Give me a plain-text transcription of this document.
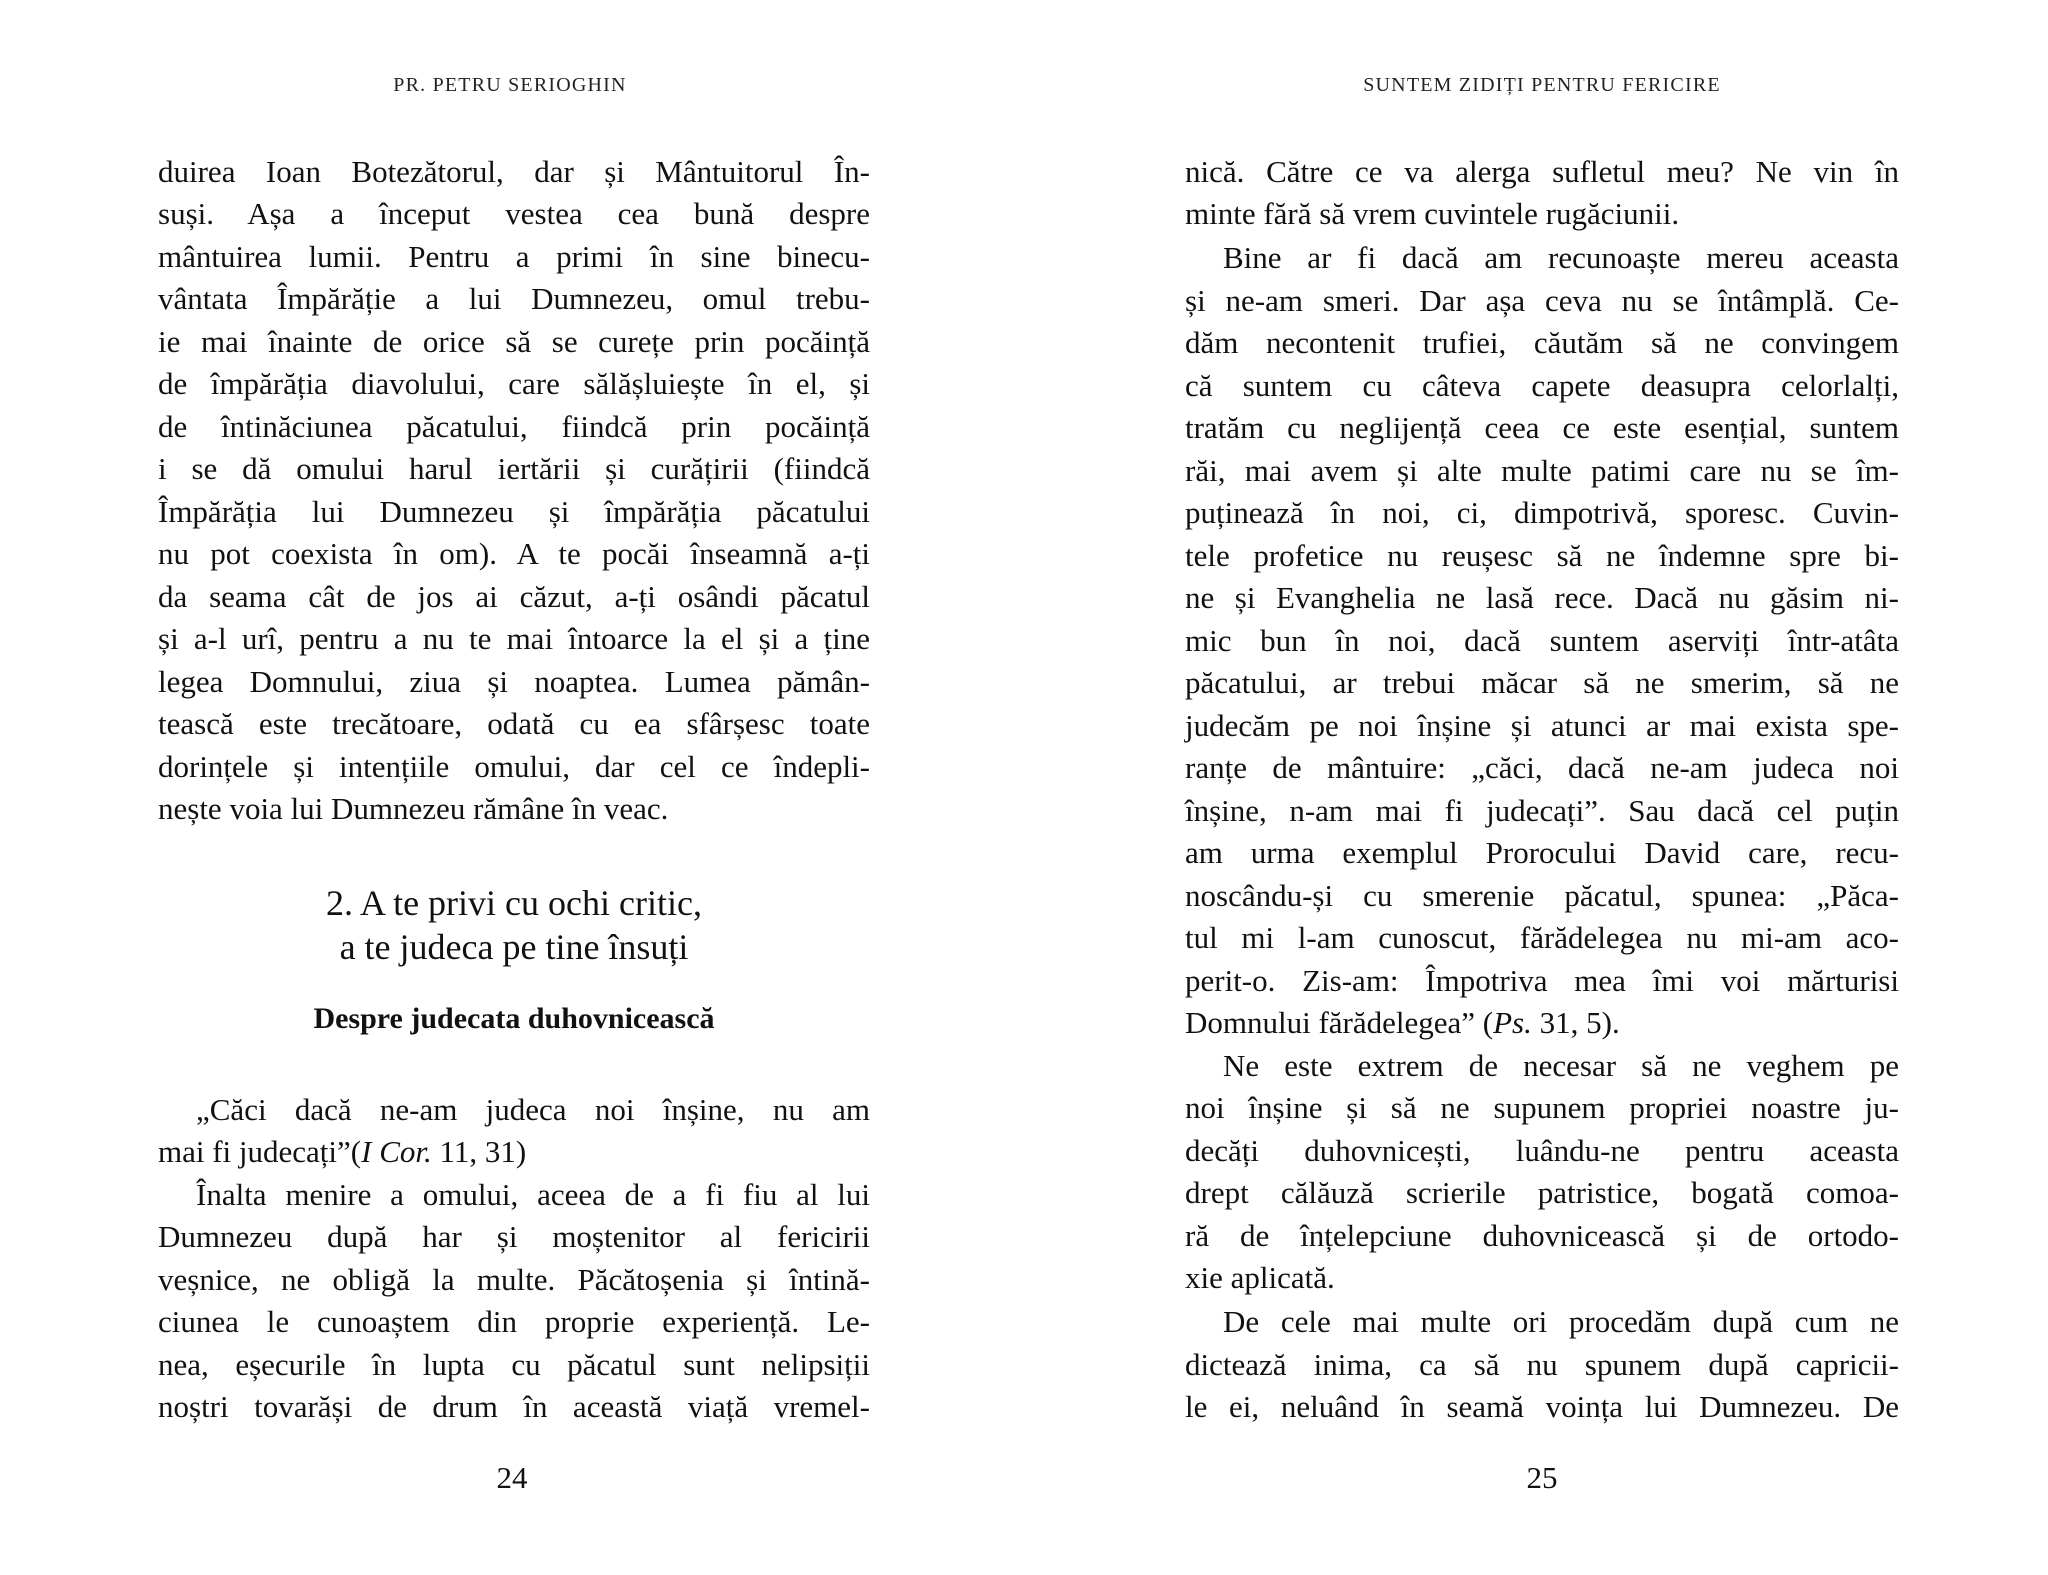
PR. PETRU SERIOGHIN
duirea Ioan Botezătorul, dar și Mântuitorul În-
suși. Așa a început vestea cea bună despre
mântuirea lumii. Pentru a primi în sine binecu-
vântata Împărăție a lui Dumnezeu, omul trebu-
ie mai înainte de orice să se curețe prin pocăință
de împărăția diavolului, care sălășluiește în el, și
de întinăciunea păcatului, fiindcă prin pocăință
i se dă omului harul iertării și curățirii (fiindcă
Împărăția lui Dumnezeu și împărăția păcatului
nu pot coexista în om). A te pocăi înseamnă a-ți
da seama cât de jos ai căzut, a-ți osândi păcatul
și a-l urî, pentru a nu te mai întoarce la el și a ține
legea Domnului, ziua și noaptea. Lumea pămân-
tească este trecătoare, odată cu ea sfârșesc toate
dorințele și intențiile omului, dar cel ce îndepli-
nește voia lui Dumnezeu rămâne în veac.
2. A te privi cu ochi critic,
a te judeca pe tine însuți
Despre judecata duhovnicească
„Căci dacă ne-am judeca noi înșine, nu am
mai fi judecați”(I Cor. 11, 31)
Înalta menire a omului, aceea de a fi fiu al lui
Dumnezeu după har și moștenitor al fericirii
veșnice, ne obligă la multe. Păcătoșenia și întină-
ciunea le cunoaștem din proprie experiență. Le-
nea, eșecurile în lupta cu păcatul sunt nelipsiții
noștri tovarăși de drum în această viață vremel-
24
SUNTEM ZIDIȚI PENTRU FERICIRE
nică. Către ce va alerga sufletul meu? Ne vin în
minte fără să vrem cuvintele rugăciunii.
Bine ar fi dacă am recunoaște mereu aceasta
și ne-am smeri. Dar așa ceva nu se întâmplă. Ce-
dăm necontenit trufiei, căutăm să ne convingem
că suntem cu câteva capete deasupra celorlalți,
tratăm cu neglijență ceea ce este esențial, suntem
răi, mai avem și alte multe patimi care nu se îm-
puținează în noi, ci, dimpotrivă, sporesc. Cuvin-
tele profetice nu reușesc să ne îndemne spre bi-
ne și Evanghelia ne lasă rece. Dacă nu găsim ni-
mic bun în noi, dacă suntem aserviți într-atâta
păcatului, ar trebui măcar să ne smerim, să ne
judecăm pe noi înșine și atunci ar mai exista spe-
ranțe de mântuire: „căci, dacă ne-am judeca noi
înșine, n-am mai fi judecați”. Sau dacă cel puțin
am urma exemplul Prorocului David care, recu-
noscându-și cu smerenie păcatul, spunea: „Păca-
tul mi l-am cunoscut, fărădelegea nu mi-am aco-
perit-o. Zis-am: Împotriva mea îmi voi mărturisi
Domnului fărădelegea” (Ps. 31, 5).
Ne este extrem de necesar să ne veghem pe
noi înșine și să ne supunem propriei noastre ju-
decăți duhovnicești, luându-ne pentru aceasta
drept călăuză scrierile patristice, bogată comoa-
ră de înțelepciune duhovnicească și de ortodo-
xie aplicată.
De cele mai multe ori procedăm după cum ne
dictează inima, ca să nu spunem după capricii-
le ei, neluând în seamă voința lui Dumnezeu. De
25
